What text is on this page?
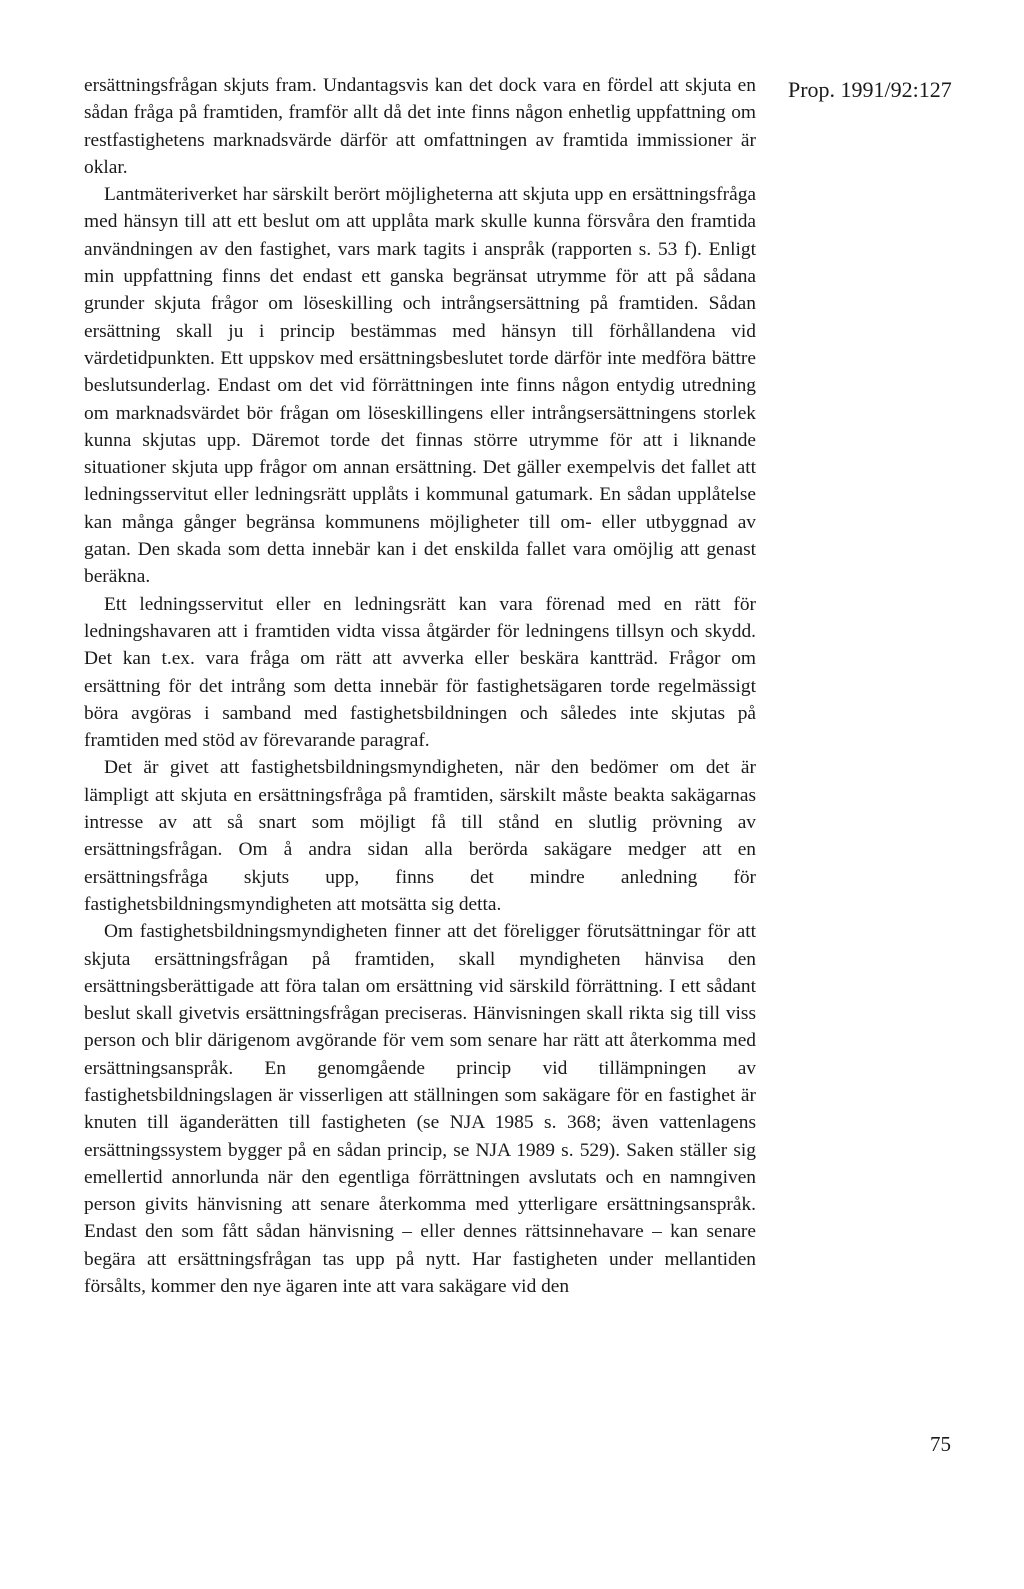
Prop. 1991/92:127

ersättningsfrågan skjuts fram. Undantagsvis kan det dock vara en fördel att skjuta en sådan fråga på framtiden, framför allt då det inte finns någon enhetlig uppfattning om restfastighetens marknadsvärde därför att omfattningen av framtida immissioner är oklar.

Lantmäteriverket har särskilt berört möjligheterna att skjuta upp en ersättningsfråga med hänsyn till att ett beslut om att upplåta mark skulle kunna försvåra den framtida användningen av den fastighet, vars mark tagits i anspråk (rapporten s. 53 f). Enligt min uppfattning finns det endast ett ganska begränsat utrymme för att på sådana grunder skjuta frågor om löseskilling och intrångsersättning på framtiden. Sådan ersättning skall ju i princip bestämmas med hänsyn till förhållandena vid värdetidpunkten. Ett uppskov med ersättningsbeslutet torde därför inte medföra bättre beslutsunderlag. Endast om det vid förrättningen inte finns någon entydig utredning om marknadsvärdet bör frågan om löseskillingens eller intrångsersättningens storlek kunna skjutas upp. Däremot torde det finnas större utrymme för att i liknande situationer skjuta upp frågor om annan ersättning. Det gäller exempelvis det fallet att ledningsservitut eller ledningsrätt upplåts i kommunal gatumark. En sådan upplåtelse kan många gånger begränsa kommunens möjligheter till om- eller utbyggnad av gatan. Den skada som detta innebär kan i det enskilda fallet vara omöjlig att genast beräkna.

Ett ledningsservitut eller en ledningsrätt kan vara förenad med en rätt för ledningshavaren att i framtiden vidta vissa åtgärder för ledningens tillsyn och skydd. Det kan t.ex. vara fråga om rätt att avverka eller beskära kantträd. Frågor om ersättning för det intrång som detta innebär för fastighetsägaren torde regelmässigt böra avgöras i samband med fastighetsbildningen och således inte skjutas på framtiden med stöd av förevarande paragraf.

Det är givet att fastighetsbildningsmyndigheten, när den bedömer om det är lämpligt att skjuta en ersättningsfråga på framtiden, särskilt måste beakta sakägarnas intresse av att så snart som möjligt få till stånd en slutlig prövning av ersättningsfrågan. Om å andra sidan alla berörda sakägare medger att en ersättningsfråga skjuts upp, finns det mindre anledning för fastighetsbildningsmyndigheten att motsätta sig detta.

Om fastighetsbildningsmyndigheten finner att det föreligger förutsättningar för att skjuta ersättningsfrågan på framtiden, skall myndigheten hänvisa den ersättningsberättigade att föra talan om ersättning vid särskild förrättning. I ett sådant beslut skall givetvis ersättningsfrågan preciseras. Hänvisningen skall rikta sig till viss person och blir därigenom avgörande för vem som senare har rätt att återkomma med ersättningsanspråk. En genomgående princip vid tillämpningen av fastighetsbildningslagen är visserligen att ställningen som sakägare för en fastighet är knuten till äganderätten till fastigheten (se NJA 1985 s. 368; även vattenlagens ersättningssystem bygger på en sådan princip, se NJA 1989 s. 529). Saken ställer sig emellertid annorlunda när den egentliga förrättningen avslutats och en namngiven person givits hänvisning att senare återkomma med ytterligare ersättningsanspråk. Endast den som fått sådan hänvisning – eller dennes rättsinnehavare – kan senare begära att ersättningsfrågan tas upp på nytt. Har fastigheten under mellantiden försålts, kommer den nye ägaren inte att vara sakägare vid den

75
